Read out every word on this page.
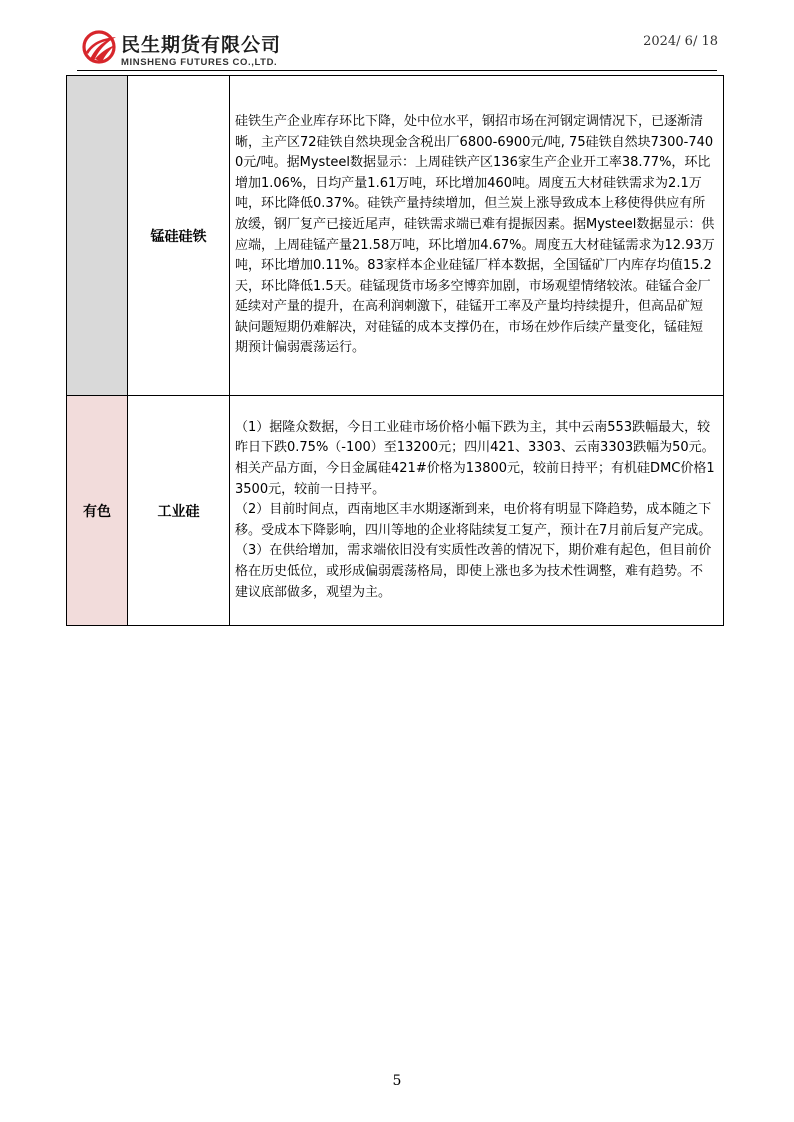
民生期货有限公司
MINSHENG FUTURES CO.,LTD.
2024/ 6/ 18
	锰硅硅铁	硅铁生产企业库存环比下降，处中位水平，钢招市场在河钢定调情况下，已逐渐清晰，主产区72硅铁自然块现金含税出厂6800-6900元/吨, 75硅铁自然块7300-7400元/吨。据Mysteel数据显示：上周硅铁产区136家生产企业开工率38.77%，环比增加1.06%，日均产量1.61万吨，环比增加460吨。周度五大材硅铁需求为2.1万吨，环比降低0.37%。硅铁产量持续增加，但兰炭上涨导致成本上移使得供应有所放缓，钢厂复产已接近尾声，硅铁需求端已难有提振因素。据Mysteel数据显示：供应端，上周硅锰产量21.58万吨，环比增加4.67%。周度五大材硅锰需求为12.93万吨，环比增加0.11%。83家样本企业硅锰厂样本数据，全国锰矿厂内库存均值15.2天，环比降低1.5天。硅锰现货市场多空博弈加剧，市场观望情绪较浓。硅锰合金厂延续对产量的提升，在高利润刺激下，硅锰开工率及产量均持续提升，但高品矿短缺问题短期仍难解决，对硅锰的成本支撑仍在，市场在炒作后续产量变化，锰硅短期预计偏弱震荡运行。

有色	工业硅	（1）据隆众数据，今日工业硅市场价格小幅下跌为主，其中云南553跌幅最大，较昨日下跌0.75%（-100）至13200元；四川421、3303、云南3303跌幅为50元。相关产品方面，今日金属硅421#价格为13800元，较前日持平；有机硅DMC价格13500元，较前一日持平。

（2）目前时间点，西南地区丰水期逐渐到来，电价将有明显下降趋势，成本随之下移。受成本下降影响，四川等地的企业将陆续复工复产，预计在7月前后复产完成。

（3）在供给增加，需求端依旧没有实质性改善的情况下，期价难有起色，但目前价格在历史低位，或形成偏弱震荡格局，即使上涨也多为技术性调整，难有趋势。不建议底部做多，观望为主。

5
